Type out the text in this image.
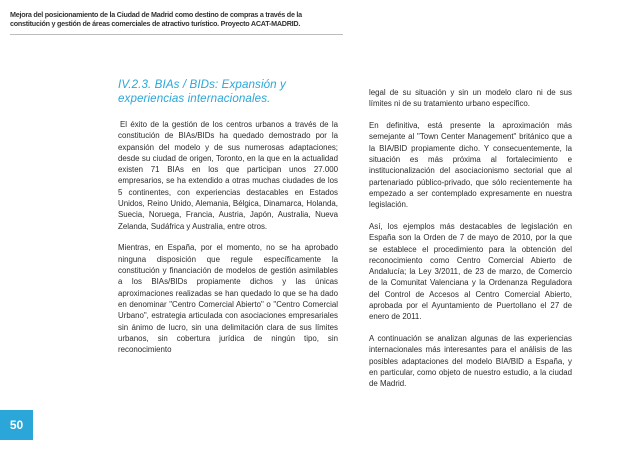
Mejora del posicionamiento de la Ciudad de Madrid como destino de compras a través de la
constitución y gestión de áreas comerciales de atractivo turístico. Proyecto ACAT-MADRID.
IV.2.3. BIAs / BIDs: Expansión y
experiencias internacionales.

El éxito de la gestión de los centros urbanos a través de la constitución de BIAs/BIDs ha quedado demostrado por la expansión del modelo y de sus numerosas adaptaciones; desde su ciudad de origen, Toronto, en la que en la actualidad existen 71 BIAs en los que participan unos 27.000 empresarios, se ha extendido a otras muchas ciudades de los 5 continentes, con experiencias destacables en Estados Unidos, Reino Unido, Alemania, Bélgica, Dinamarca, Holanda, Suecia, Noruega, Francia, Austria, Japón, Australia, Nueva Zelanda, Sudáfrica y Australia, entre otros.

Mientras, en España, por el momento, no se ha aprobado ninguna disposición que regule específicamente la constitución y financiación de modelos de gestión asimilables a los BIAs/BIDs propiamente dichos y las únicas aproximaciones realizadas se han quedado lo que se ha dado en denominar "Centro Comercial Abierto" o "Centro Comercial Urbano", estrategia articulada con asociaciones empresariales sin ánimo de lucro, sin una delimitación clara de sus límites urbanos, sin cobertura jurídica de ningún tipo, sin reconocimiento

legal de su situación y sin un modelo claro ni de sus límites ni de su tratamiento urbano específico.

En definitiva, está presente la aproximación más semejante al "Town Center Management" británico que a la BIA/BID propiamente dicho. Y consecuentemente, la situación es más próxima al fortalecimiento e institucionalización del asociacionismo sectorial que al partenariado público-privado, que sólo recientemente ha empezado a ser contemplado expresamente en nuestra legislación.

Así, los ejemplos más destacables de legislación en España son la Orden de 7 de mayo de 2010, por la que se establece el procedimiento para la obtención del reconocimiento como Centro Comercial Abierto de Andalucía; la Ley 3/2011, de 23 de marzo, de Comercio de la Comunitat Valenciana y la Ordenanza Reguladora del Control de Accesos al Centro Comercial Abierto, aprobada por el Ayuntamiento de Puertollano el 27 de enero de 2011.

A continuación se analizan algunas de las experiencias internacionales más interesantes para el análisis de las posibles adaptaciones del modelo BIA/BID a España, y en particular, como objeto de nuestro estudio, a la ciudad de Madrid.

50
